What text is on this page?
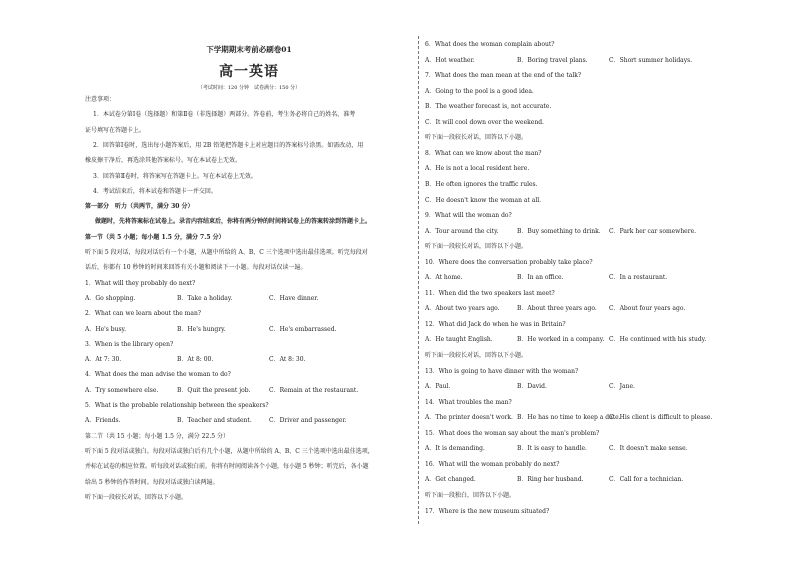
下学期期末考前必刷卷01
高一英语
（考试时间：120 分钟　试卷满分：150 分）
注意事项：
1．本试卷分第Ⅰ卷（选择题）和第Ⅱ卷（非选择题）两部分。答卷前，考生务必将自己的姓名、准考
证号填写在答题卡上。
2．回答第Ⅰ卷时，选出每小题答案后，用 2B 铅笔把答题卡上对应题目的答案标号涂黑。如需改动，用
橡皮擦干净后，再选涂其他答案标号。写在本试卷上无效。
3．回答第Ⅱ卷时，将答案写在答题卡上。写在本试卷上无效。
4．考试结束后，将本试卷和答题卡一并交回。
第一部分　听力（共两节，满分 30 分）
做题时，先将答案标在试卷上。录音内容结束后，你将有两分钟的时间将试卷上的答案转涂到答题卡上。
第一节（共 5 小题；每小题 1.5 分，满分 7.5 分）
听下面 5 段对话，每段对话后有一个小题，从题中所给的 A、B、C 三个选项中选出最佳选项。听完每段对
话后，你都有 10 秒钟的时间来回答有关小题和阅读下一小题。每段对话仅读一遍。
1．What will they probably do next?
A．Go shopping.	B．Take a holiday.	C．Have dinner.
2．What can we learn about the man?
A．He's busy.	B．He's hungry.	C．He's embarrassed.
3．When is the library open?
A．At 7: 30.	B．At 8: 00.	C．At 8: 30.
4．What does the man advise the woman to do?
A．Try somewhere else.	B．Quit the present job.	C．Remain at the restaurant.
5．What is the probable relationship between the speakers?
A．Friends.	B．Teacher and student.	C．Driver and passenger.
第二节（共 15 小题；每小题 1.5 分，满分 22.5 分）
听下面 5 段对话或独白。每段对话或独白后有几个小题，从题中所给的 A、B、C 三个选项中选出最佳选项，
并标在试卷的相应位置。听每段对话或独白前，你将有时间阅读各个小题，每小题 5 秒钟；听完后，各小题
给出 5 秒钟的作答时间。每段对话或独白读两遍。
听下面一段较长对话，回答以下小题。
6．What does the woman complain about?
A．Hot weather.	B．Boring travel plans.	C．Short summer holidays.
7．What does the man mean at the end of the talk?
A．Going to the pool is a good idea.
B．The weather forecast is, not accurate.
C．It will cool down over the weekend.
听下面一段较长对话，回答以下小题。
8．What can we know about the man?
A．He is not a local resident here.
B．He often ignores the traffic rules.
C．He doesn't know the woman at all.
9．What will the woman do?
A．Tour around the city.	B．Buy something to drink. C．Park her car somewhere.
听下面一段较长对话，回答以下小题。
10．Where does the conversation probably take place?
A．At home.	B．In an office.	C．In a restaurant.
11．When did the two speakers last meet?
A．About two years ago.	B．About three years ago. C．About four years ago.
12．What did Jack do when he was in Britain?
A．He taught English.	B．He worked in a company. C．He continued with his study.
听下面一段较长对话，回答以下小题。
13．Who is going to have dinner with the woman?
A．Paul.	B．David.	C．Jane.
14．What troubles the man?
A．The printer doesn't work. B．He has no time to keep a date.
C．His client is difficult to please.
15．What does the woman say about the man's problem?
A．It is demanding.	B．It is easy to handle.	C．It doesn't make sense.
16．What will the woman probably do next?
A．Get changed.	B．Ring her husband.	C．Call for a technician.
听下面一段独白，回答以下小题。
17．Where is the new museum situated?
